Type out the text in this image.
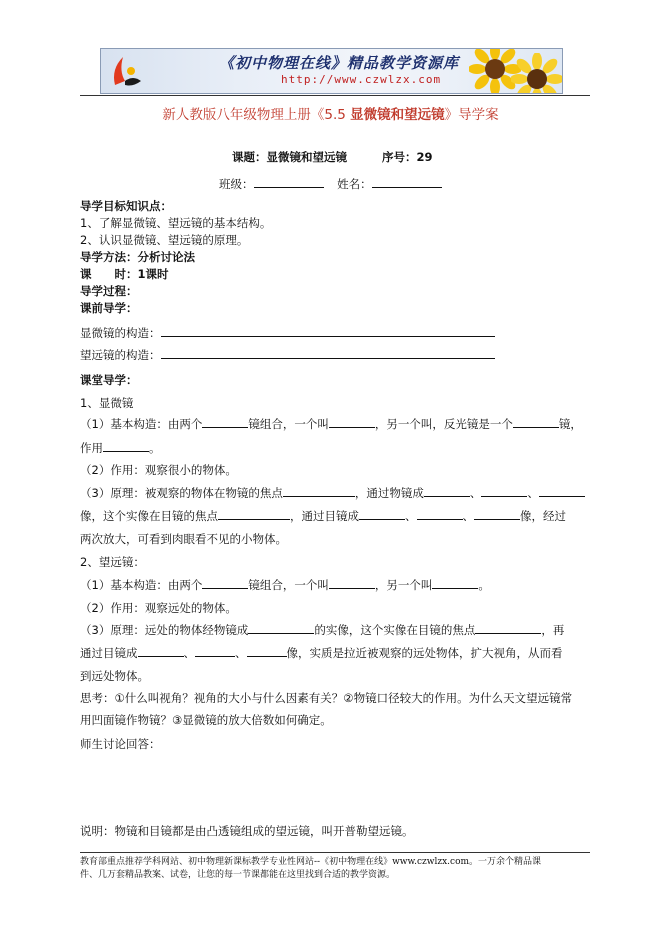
《初中物理在线》精品教学资源库
http://www.czwlzx.com
新人教版八年级物理上册《5.5 显微镜和望远镜》导学案
课题：显微镜和望远镜	序号：29
班级：	姓名：
导学目标知识点：
1、了解显微镜、望远镜的基本结构。
2、认识显微镜、望远镜的原理。
导学方法：分析讨论法
课　　时：1课时
导学过程：
课前导学：
显微镜的构造：
望远镜的构造：
课堂导学：
1、显微镜
（1）基本构造：由两个	镜组合，一个叫	，另一个叫，反光镜是一个	镜，
作用	。
（2）作用：观察很小的物体。
（3）原理：被观察的物体在物镜的焦点	，通过物镜成	、	、
像，这个实像在目镜的焦点	，通过目镜成	、	、	像，经过
两次放大，可看到肉眼看不见的小物体。
2、望远镜：
（1）基本构造：由两个	镜组合，一个叫	，另一个叫	。
（2）作用：观察远处的物体。
（3）原理：远处的物体经物镜成	的实像，这个实像在目镜的焦点	，再
通过目镜成	、	、	像，实质是拉近被观察的远处物体，扩大视角，从而看
到远处物体。
思考：①什么叫视角？视角的大小与什么因素有关？②物镜口径较大的作用。为什么天文望远镜常
用凹面镜作物镜？③显微镜的放大倍数如何确定。
师生讨论回答：
说明：物镜和目镜都是由凸透镜组成的望远镜，叫开普勒望远镜。
教育部重点推荐学科网站、初中物理新课标教学专业性网站--《初中物理在线》www.czwlzx.com。一万余个精品课
件、几万套精品教案、试卷，让您的每一节课都能在这里找到合适的教学资源。
